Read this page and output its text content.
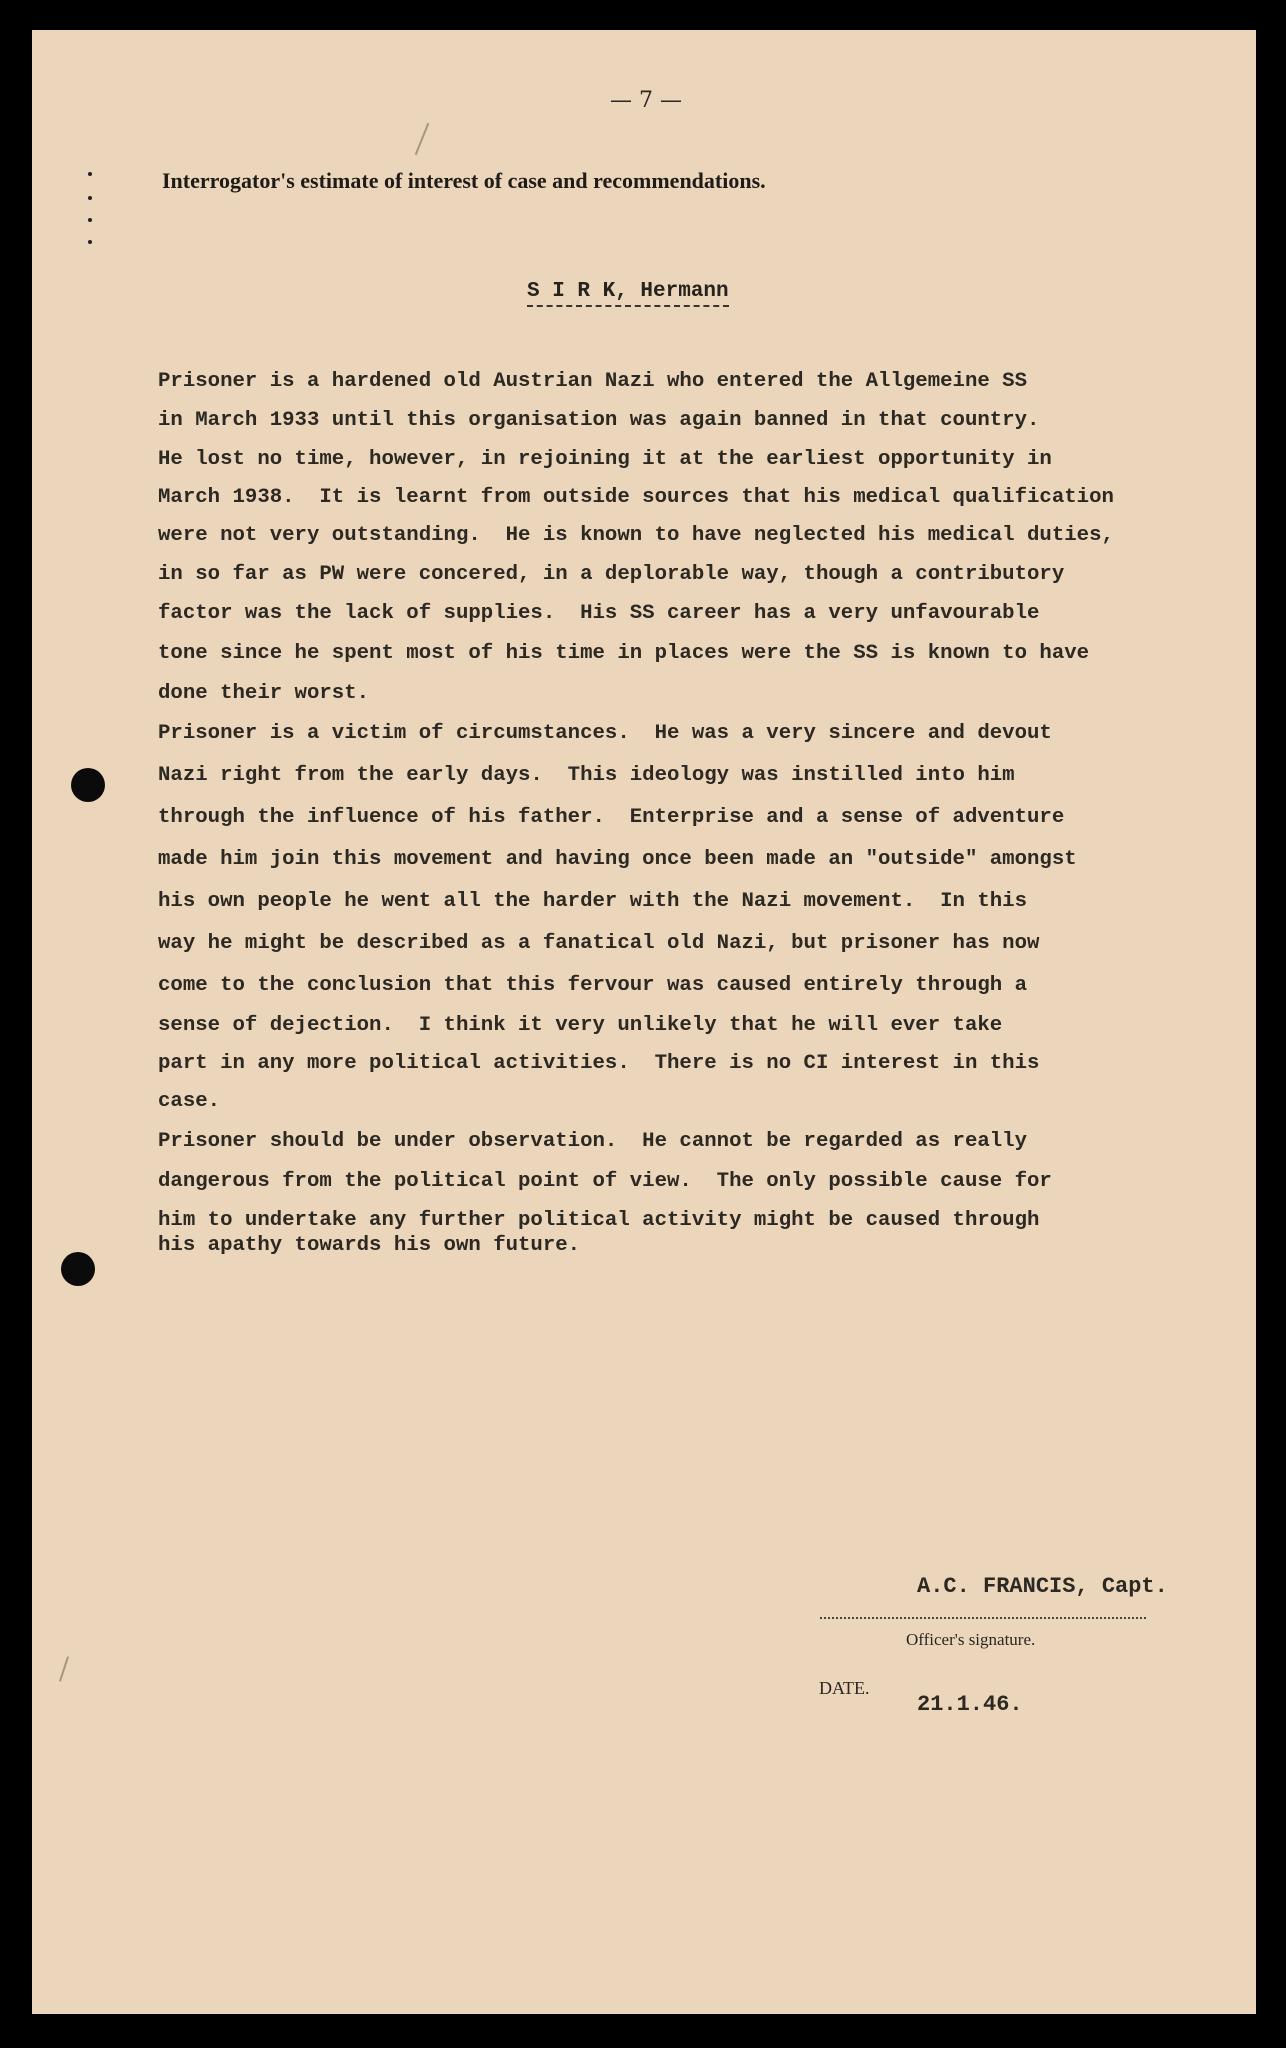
— 7 —
Interrogator's estimate of interest of case and recommendations.
S I R K, Hermann
Prisoner is a hardened old Austrian Nazi who entered the Allgemeine SS
in March 1933 until this organisation was again banned in that country.
He lost no time, however, in rejoining it at the earliest opportunity in
March 1938.  It is learnt from outside sources that his medical qualification
were not very outstanding.  He is known to have neglected his medical duties,
in so far as PW were concered, in a deplorable way, though a contributory
factor was the lack of supplies.  His SS career has a very unfavourable
tone since he spent most of his time in places were the SS is known to have
done their worst.
Prisoner is a victim of circumstances.  He was a very sincere and devout
Nazi right from the early days.  This ideology was instilled into him
through the influence of his father.  Enterprise and a sense of adventure
made him join this movement and having once been made an "outside" amongst
his own people he went all the harder with the Nazi movement.  In this
way he might be described as a fanatical old Nazi, but prisoner has now
come to the conclusion that this fervour was caused entirely through a
sense of dejection.  I think it very unlikely that he will ever take
part in any more political activities.  There is no CI interest in this
case.
Prisoner should be under observation.  He cannot be regarded as really
dangerous from the political point of view.  The only possible cause for
him to undertake any further political activity might be caused through
his apathy towards his own future.
A.C. FRANCIS, Capt.
Officer's signature.
DATE.
21.1.46.
